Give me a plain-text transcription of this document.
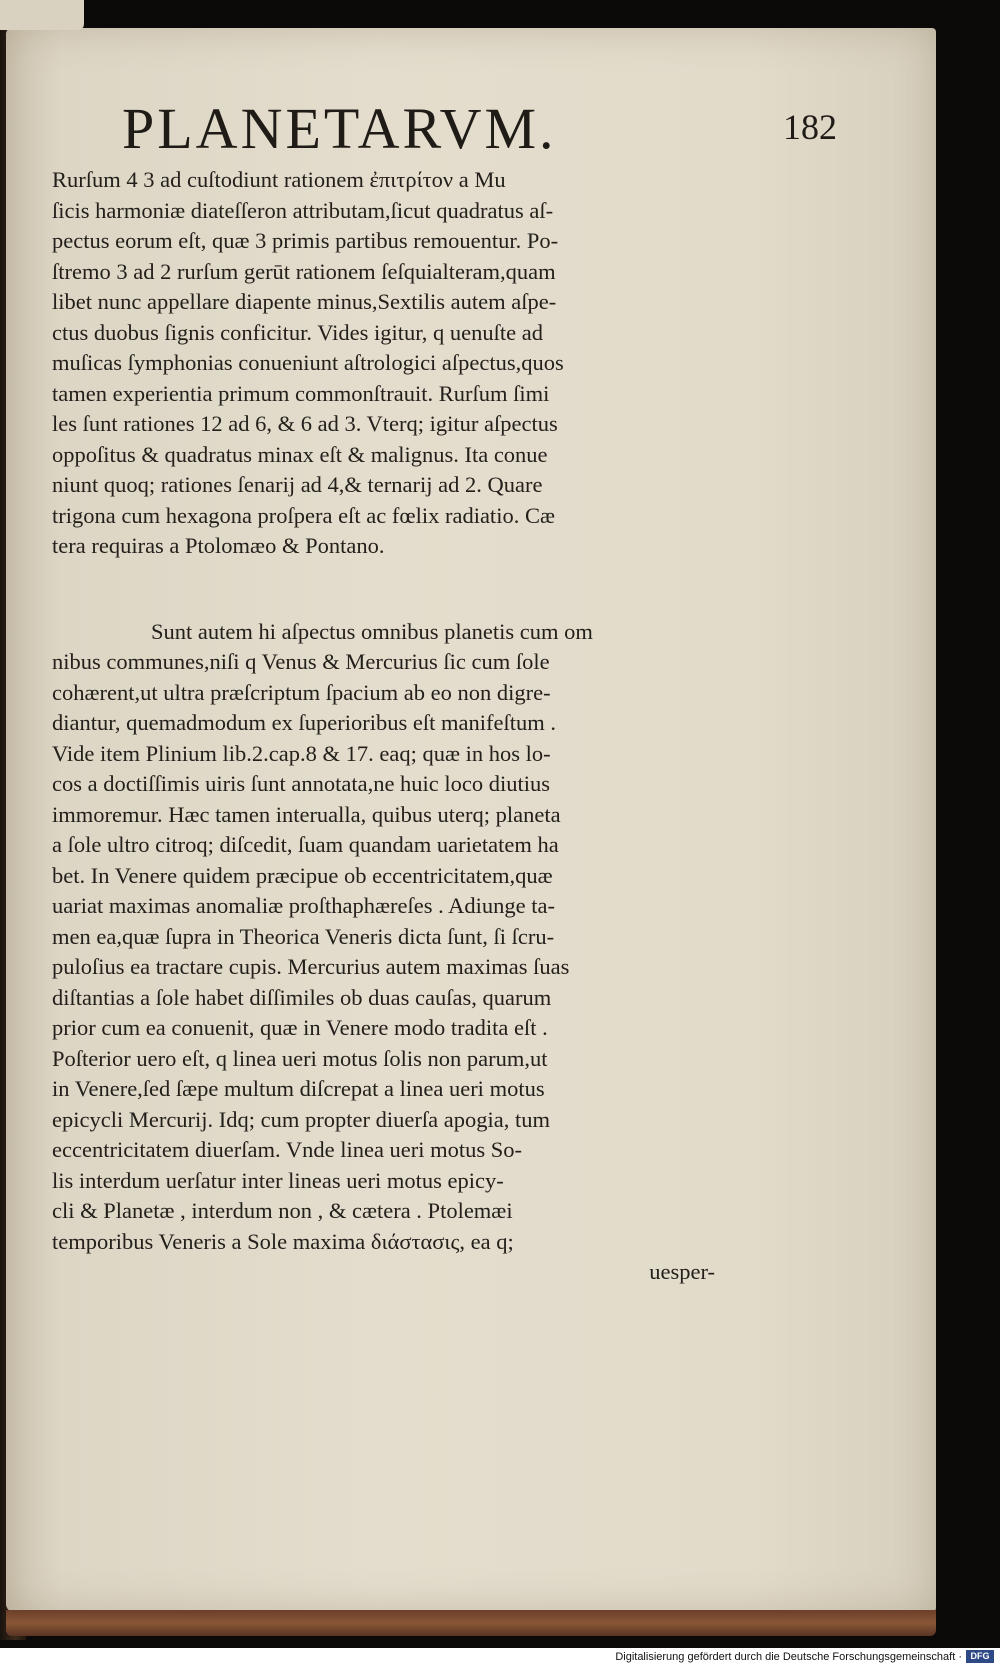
PLANETARVM.	182
Rurſum 4 3 ad cuſtodiunt rationem ἐπιτρίτον a Mu
ſicis harmoniæ diateſſeron attributam,ſicut quadratus aſ-
pectus eorum eſt, quæ 3 primis partibus remouentur. Po-
ſtremo 3 ad 2 rurſum gerūt rationem ſeſquialteram,quam
libet nunc appellare diapente minus,Sextilis autem aſpe-
ctus duobus ſignis conficitur. Vides igitur, q uenuſte ad
muſicas ſymphonias conueniunt aſtrologici aſpectus,quos
tamen experientia primum commonſtrauit. Rurſum ſimi
les ſunt rationes 12 ad 6, & 6 ad 3. Vterq; igitur aſpectus
oppoſitus & quadratus minax eſt & malignus. Ita conue
niunt quoq; rationes ſenarij ad 4,& ternarij ad 2. Quare
trigona cum hexagona proſpera eſt ac fœlix radiatio. Cæ
tera requiras a Ptolomæo & Pontano.
Sunt autem hi aſpectus omnibus planetis cum om
nibus communes,niſi q Venus & Mercurius ſic cum ſole
cohærent,ut ultra præſcriptum ſpacium ab eo non digre-
diantur, quemadmodum ex ſuperioribus eſt manifeſtum .
Vide item Plinium lib.2.cap.8 & 17. eaq; quæ in hos lo-
cos a doctiſſimis uiris ſunt annotata,ne huic loco diutius
immoremur. Hæc tamen interualla, quibus uterq; planeta
a ſole ultro citroq; diſcedit, ſuam quandam uarietatem ha
bet. In Venere quidem præcipue ob eccentricitatem,quæ
uariat maximas anomaliæ proſthaphæreſes . Adiunge ta-
men ea,quæ ſupra in Theorica Veneris dicta ſunt, ſi ſcru-
puloſius ea tractare cupis. Mercurius autem maximas ſuas
diſtantias a ſole habet diſſimiles ob duas cauſas, quarum
prior cum ea conuenit, quæ in Venere modo tradita eſt .
Poſterior uero eſt, q linea ueri motus ſolis non parum,ut
in Venere,ſed ſæpe multum diſcrepat a linea ueri motus
epicycli Mercurij. Idq; cum propter diuerſa apogia, tum
eccentricitatem diuerſam. Vnde linea ueri motus So-
lis interdum uerſatur inter lineas ueri motus epicy-
cli & Planetæ , interdum non , & cætera . Ptolemæi
temporibus Veneris a Sole maxima διάστασις, ea q;
uesper-
Digitalisierung gefördert durch die Deutsche Forschungsgemeinschaft · DFG
